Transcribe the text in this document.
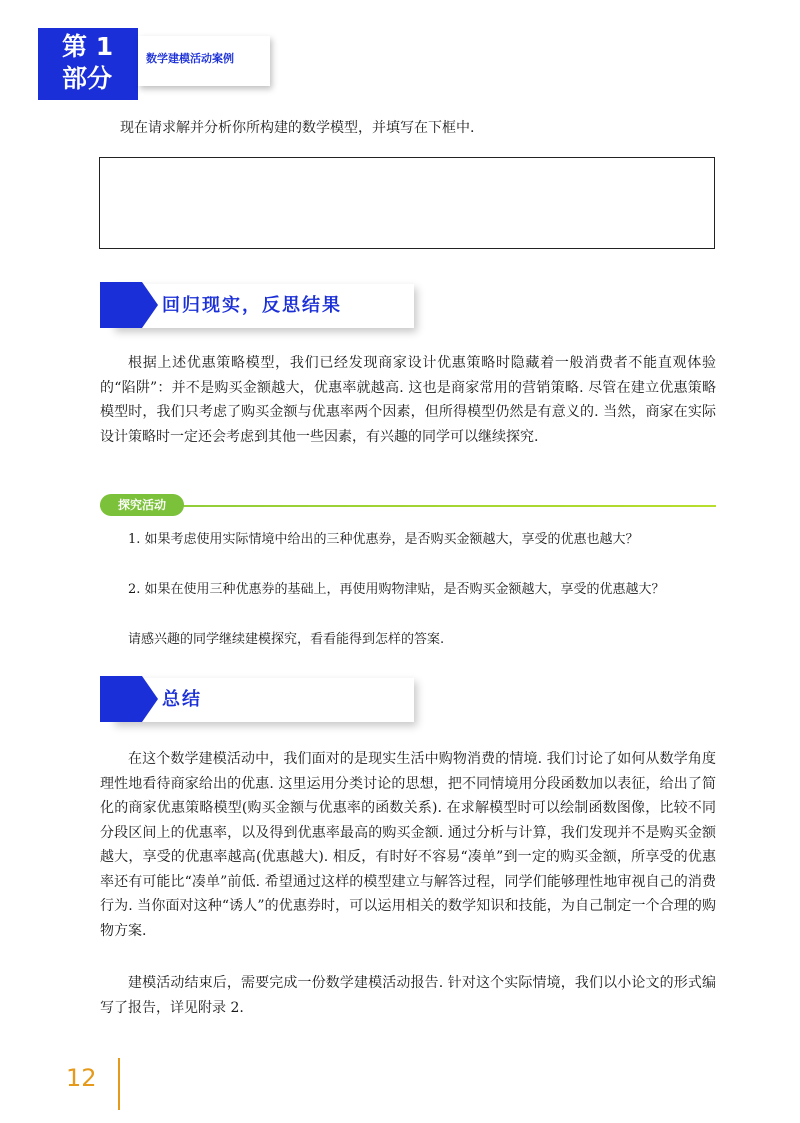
第 1
部分
数学建模活动案例
现在请求解并分析你所构建的数学模型，并填写在下框中.
回归现实，反思结果

根据上述优惠策略模型，我们已经发现商家设计优惠策略时隐藏着一般消费者不能直观体验的“陷阱”：并不是购买金额越大，优惠率就越高. 这也是商家常用的营销策略. 尽管在建立优惠策略模型时，我们只考虑了购买金额与优惠率两个因素，但所得模型仍然是有意义的. 当然，商家在实际设计策略时一定还会考虑到其他一些因素，有兴趣的同学可以继续探究.

探究活动

1. 如果考虑使用实际情境中给出的三种优惠券，是否购买金额越大，享受的优惠也越大？

2. 如果在使用三种优惠券的基础上，再使用购物津贴，是否购买金额越大，享受的优惠越大？

请感兴趣的同学继续建模探究，看看能得到怎样的答案.

总结

在这个数学建模活动中，我们面对的是现实生活中购物消费的情境. 我们讨论了如何从数学角度理性地看待商家给出的优惠. 这里运用分类讨论的思想，把不同情境用分段函数加以表征，给出了简化的商家优惠策略模型(购买金额与优惠率的函数关系). 在求解模型时可以绘制函数图像，比较不同分段区间上的优惠率，以及得到优惠率最高的购买金额. 通过分析与计算，我们发现并不是购买金额越大，享受的优惠率越高(优惠越大). 相反，有时好不容易“凑单”到一定的购买金额，所享受的优惠率还有可能比“凑单”前低. 希望通过这样的模型建立与解答过程，同学们能够理性地审视自己的消费行为. 当你面对这种“诱人”的优惠券时，可以运用相关的数学知识和技能，为自己制定一个合理的购物方案.

建模活动结束后，需要完成一份数学建模活动报告. 针对这个实际情境，我们以小论文的形式编写了报告，详见附录 2.

12
